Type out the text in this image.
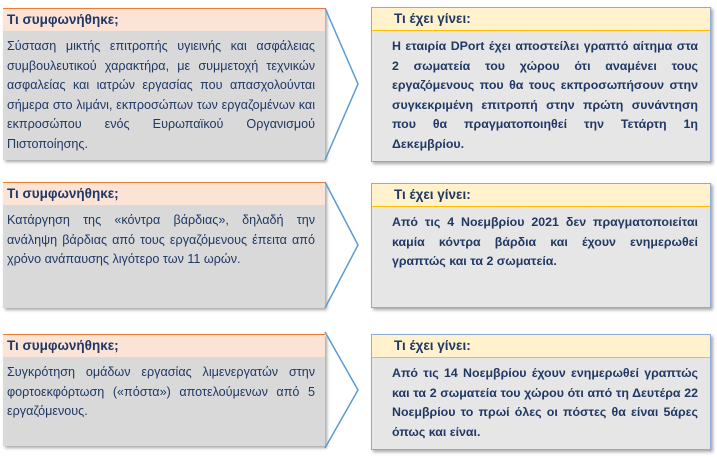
Τι συμφωνήθηκε;
Σύσταση μικτής επιτροπής υγιεινής και ασφάλειας συμβουλευτικού χαρακτήρα, με συμμετοχή τεχνικών ασφαλείας και ιατρών εργασίας που απασχολούνται σήμερα στο λιμάνι, εκπροσώπων των εργαζομένων και εκπροσώπου ενός Ευρωπαϊκού Οργανισμού Πιστοποίησης.
Τι έχει γίνει:
Η εταιρία DPort έχει αποστείλει γραπτό αίτημα στα 2 σωματεία του χώρου ότι αναμένει τους εργαζόμενους που θα τους εκπροσωπήσουν στην συγκεκριμένη επιτροπή στην πρώτη συνάντηση που θα πραγματοποιηθεί την Τετάρτη 1η Δεκεμβρίου.
Τι συμφωνήθηκε;
Κατάργηση της «κόντρα βάρδιας», δηλαδή την ανάληψη βάρδιας από τους εργαζόμενους έπειτα από χρόνο ανάπαυσης λιγότερο των 11 ωρών.
Τι έχει γίνει:
Από τις 4 Νοεμβρίου 2021 δεν πραγματοποιείται καμία κόντρα βάρδια και έχουν ενημερωθεί γραπτώς και τα 2 σωματεία.
Τι συμφωνήθηκε;
Συγκρότηση ομάδων εργασίας λιμενεργατών στην φορτοεκφόρτωση («πόστα») αποτελούμενων από 5 εργαζόμενους.
Τι έχει γίνει:
Από τις 14 Νοεμβρίου έχουν ενημερωθεί γραπτώς και τα 2 σωματεία του χώρου ότι από τη Δευτέρα 22 Νοεμβρίου το πρωί όλες οι πόστες θα είναι 5άρες όπως και είναι.
